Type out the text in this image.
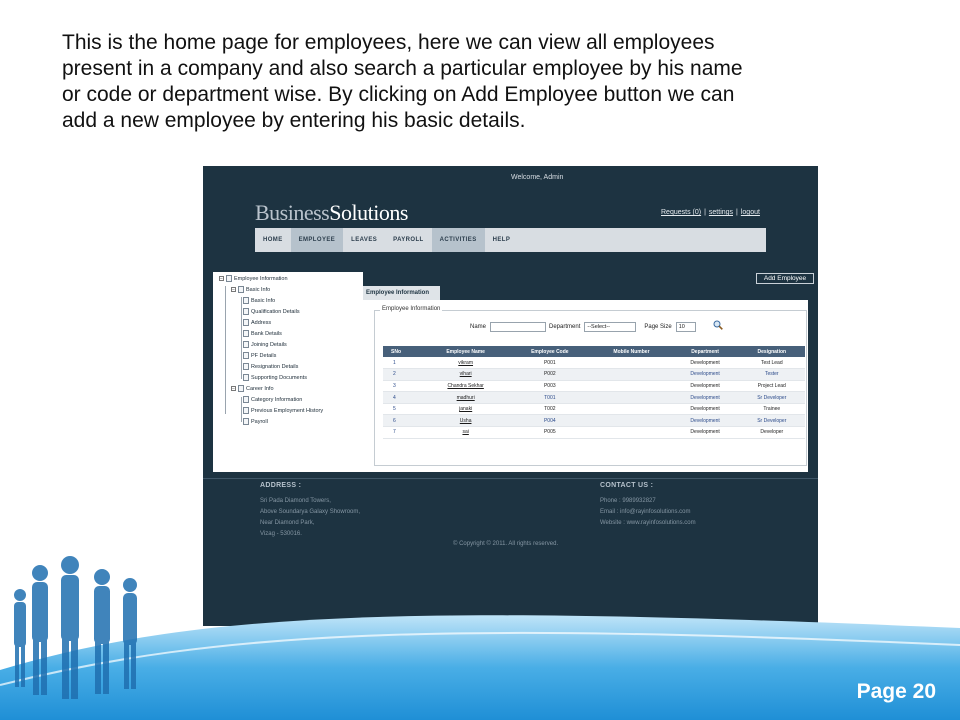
This is the home page for employees, here we can view all employees
present in a company and also search a particular employee by his name
or code or department wise. By clicking on Add Employee button we can
add a new employee by entering his basic details.
Welcome, Admin
BusinessSolutions	Requests (0) | settings | logout
HOME	EMPLOYEE	LEAVES	PAYROLL	ACTIVITIES	HELP
− Employee Information
− Basic Info
Basic Info
Qualification Details
Address
Bank Details
Joining Details
PF Details
Resignation Details
Supporting Documents
− Career Info
Category Information
Previous Employment History
Payroll
Employee Information
Add Employee
Employee Information
Name	Department	--Select--	Page Size	10
SNo	Employee Name	Employee Code	Mobile Number	Department	Designation
1	vikram	P001		Development	Test Lead
2	vihari	P002		Development	Tester
3	Chandra Sekhar	P003		Development	Project Lead
4	madhuri	T001		Development	Sr Developer
5	janaki	T002		Development	Trainee
6	Usha	P004		Development	Sr Developer
7	sai	P005		Development	Developer
ADDRESS :
Sri Pada Diamond Towers,
Above Soundarya Galaxy Showroom,
Near Diamond Park,
Vizag - 530016.
CONTACT US :
Phone : 9989932827
Email : info@rayinfosolutions.com
Website : www.rayinfosolutions.com
© Copyright © 2011. All rights reserved.
Page 20
